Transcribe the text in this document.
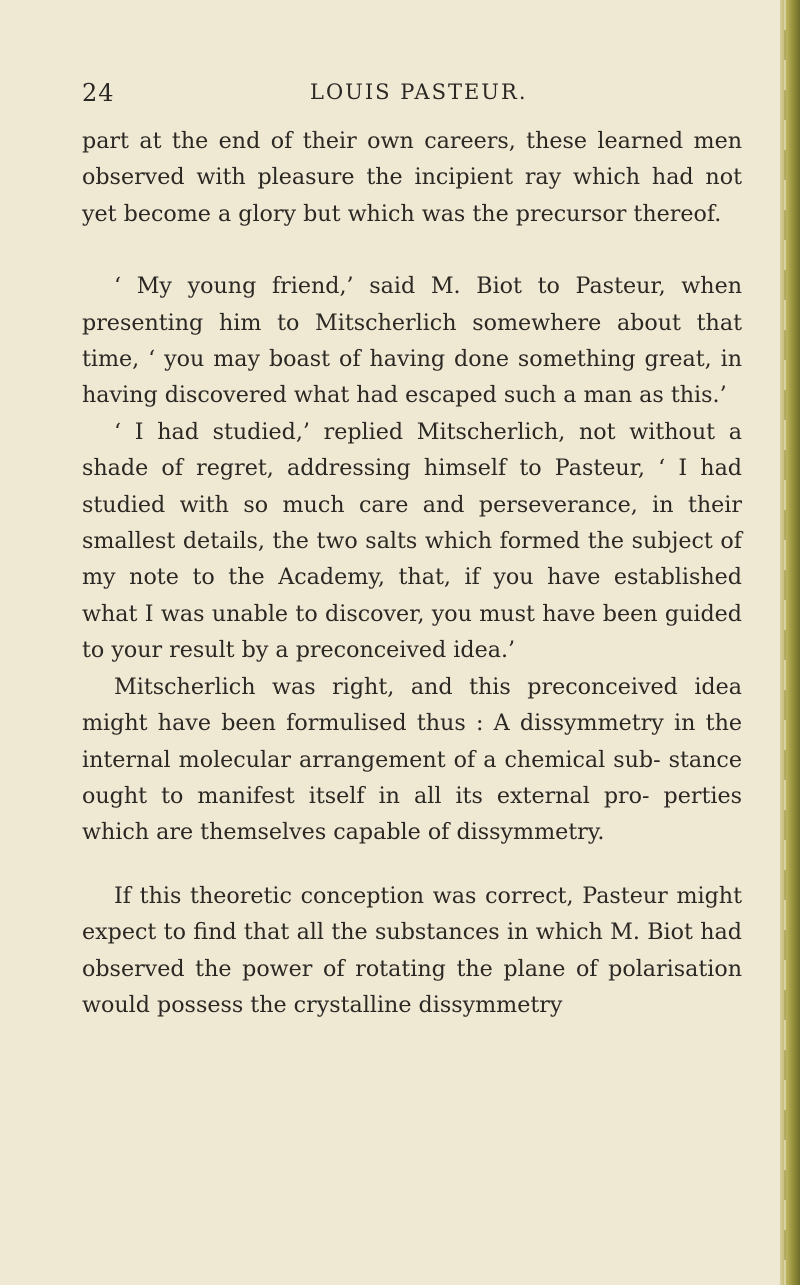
24	LOUIS PASTEUR.

part at the end of their own careers, these learned men observed with pleasure the incipient ray which had not yet become a glory but which was the precursor thereof.

‘ My young friend,’ said M. Biot to Pasteur, when presenting him to Mitscherlich somewhere about that time, ‘ you may boast of having done something great, in having discovered what had escaped such a man as this.’

‘ I had studied,’ replied Mitscherlich, not without a shade of regret, addressing himself to Pasteur, ‘ I had studied with so much care and perseverance, in their smallest details, the two salts which formed the subject of my note to the Academy, that, if you have established what I was unable to discover, you must have been guided to your result by a preconceived idea.’

Mitscherlich was right, and this preconceived idea might have been formulised thus : A dissymmetry in the internal molecular arrangement of a chemical sub- stance ought to manifest itself in all its external pro- perties which are themselves capable of dissymmetry.

If this theoretic conception was correct, Pasteur might expect to find that all the substances in which M. Biot had observed the power of rotating the plane of polarisation would possess the crystalline dissymmetry
